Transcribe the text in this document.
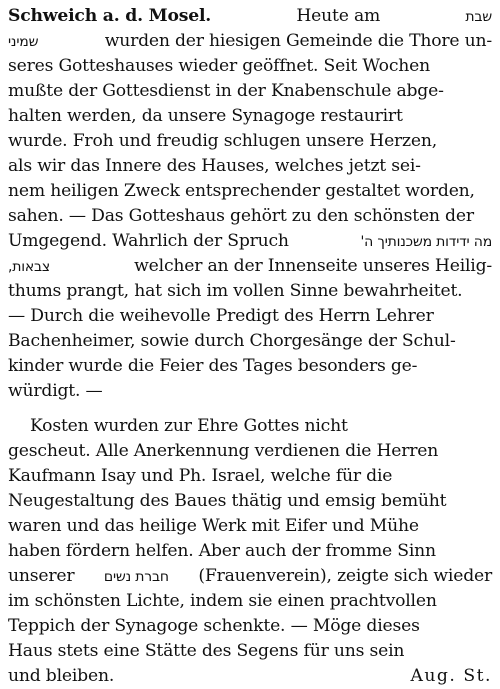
Schweich a. d. Mosel.	Heute am	שבת
שמיני	wurden der hiesigen Gemeinde die Thore un-
seres Gotteshauses wieder geöffnet. Seit Wochen
mußte der Gottesdienst in der Knabenschule abge-
halten werden, da unsere Synagoge restaurirt
wurde. Froh und freudig schlugen unsere Herzen,
als wir das Innere des Hauses, welches jetzt sei-
nem heiligen Zweck entsprechender gestaltet worden,
sahen. — Das Gotteshaus gehört zu den schönsten der
Umgegend. Wahrlich der Spruch	מה ידידות משכנותיך ה'
צבאות,	welcher an der Innenseite unseres Heilig-
thums prangt, hat sich im vollen Sinne bewahrheitet.
— Durch die weihevolle Predigt des Herrn Lehrer
Bachenheimer, sowie durch Chorgesänge der Schul-
kinder wurde die Feier des Tages besonders ge-
würdigt. —
Kosten wurden zur Ehre Gottes nicht
gescheut. Alle Anerkennung verdienen die Herren
Kaufmann Isay und Ph. Israel, welche für die
Neugestaltung des Baues thätig und emsig bemüht
waren und das heilige Werk mit Eifer und Mühe
haben fördern helfen. Aber auch der fromme Sinn
unserer חברת נשים (Frauenverein), zeigte sich wieder
im schönsten Lichte, indem sie einen prachtvollen
Teppich der Synagoge schenkte. — Möge dieses
Haus stets eine Stätte des Segens für uns sein
und bleiben.	Aug. St.
